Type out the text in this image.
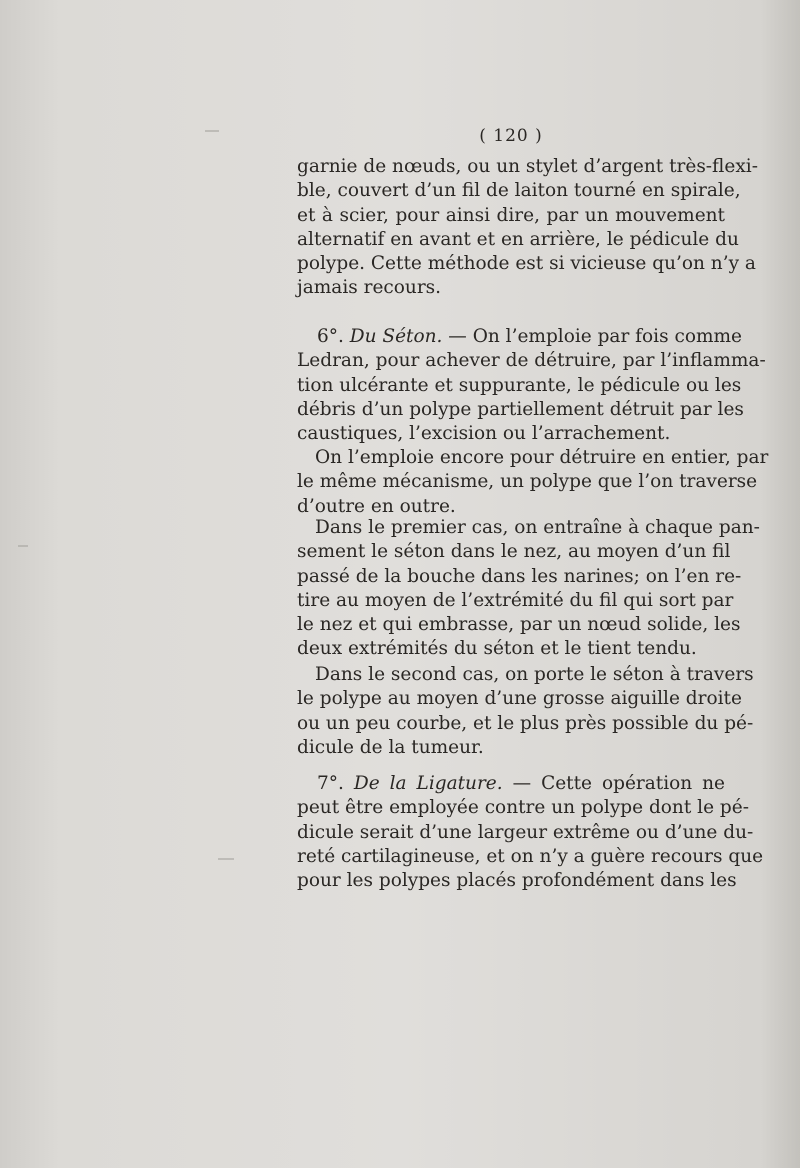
( 120 )
garnie de nœuds, ou un stylet d’argent très-flexi-
ble, couvert d’un fil de laiton tourné en spirale,
et à scier, pour ainsi dire, par un mouvement
alternatif en avant et en arrière, le pédicule du
polype. Cette méthode est si vicieuse qu’on n’y a
jamais recours.
6°. Du Séton. — On l’emploie par fois comme
Ledran, pour achever de détruire, par l’inflamma-
tion ulcérante et suppurante, le pédicule ou les
débris d’un polype partiellement détruit par les
caustiques, l’excision ou l’arrachement.
On l’emploie encore pour détruire en entier, par
le même mécanisme, un polype que l’on traverse
d’outre en outre.
Dans le premier cas, on entraîne à chaque pan-
sement le séton dans le nez, au moyen d’un fil
passé de la bouche dans les narines; on l’en re-
tire au moyen de l’extrémité du fil qui sort par
le nez et qui embrasse, par un nœud solide, les
deux extrémités du séton et le tient tendu.
Dans le second cas, on porte le séton à travers
le polype au moyen d’une grosse aiguille droite
ou un peu courbe, et le plus près possible du pé-
dicule de la tumeur.
7°. De la Ligature. — Cette opération ne
peut être employée contre un polype dont le pé-
dicule serait d’une largeur extrême ou d’une du-
reté cartilagineuse, et on n’y a guère recours que
pour les polypes placés profondément dans les
